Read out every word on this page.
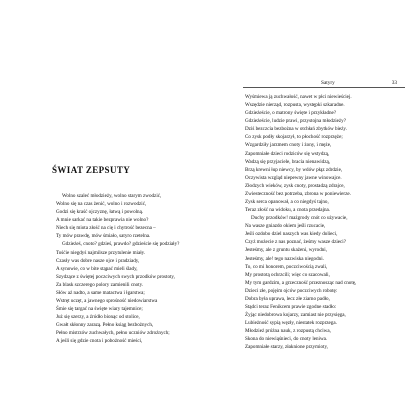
Satyry	33
ŚWIAT ZEPSUTY
Wolno szaleć młodzieży, wolno starym zwodzić,
Wolno się na czas żenić, wolno i rozwodzić,
Godzi się kraść ojczyznę, łatwą i powolną.
A mnie sarkać na takie bezprawia nie wolno?
Niech się miota złość na cię i chytrość bezecna –
Ty mów prawdę, mów śmiało, satyro rzetelna.
Gdzieżeś, cnoto? gdzieś, prawdo? gdzieście się podziały?
Tośćie niegdyś najmilsze przytulenie miały.
Czasły was dobre naszе ojce i pradziady,
A synowie, co w bite stąpać mieli ślady,
Szydzące z świętej poczciwych swych przodków prostoty,
Za blask szczerego polorу zamienili cnoty.
Słów aż nadto, a same matactwa i łgarstwa;
Wstręt uczęt, a jawnego sprośność niedowiarstwa
Śmie się targać na święte wiary tajemnice;
Już się szerzy, a źródło bionąc od stolice,
Gwałt skłonny zarazą. Pełno ksiąg bezbożnych,
Pełno mistrzów zuchwałych, pełno uczniów zdrożnych;
A jeśli się gdzie cnota i pobożność mieści,
Wyśmiewa ją zuchwałość, nawet w płci niewieściej.
Wszędzie nierząd, rozpusta, występki szkaradne.
Gdzieżeście, o matrony święte i przykładne?
Gdzieżeście, ludzie prawi, przystojna młodzieży?
Dziś bezczcia bezbożna w otchłań zbytków bieży.
Co zysk podły skojarzył, to płochość rozprzęże;
Wzgardziły jarzmem cnoty i żony, i męże,
Zapomniałe dzieci rodziców się wstydzą,
Wadzą się przyjaciele, bracia nienawidzą,
Brzą krewni łup niewcy, by wdów płąz zdrdzie,
Oczywista wzgląd niepewny jawne winowajce.
Złodzych wieków, zysk cnoty, prostadzą zdrajce,
Zwiesteczność bez potrzeba, zbrona w poniewierze.
Zysk serca opanował, a co niegdyś tajno,
Teraz złość na widoku, a cnota przedajna.
Duchy przodków! mażgrody cnót co używacie,
Na waszе gniazdo okiem jeśli rzucacie,
Jeśli ozdobo dziel naszych was kiedy dolieci,
Czyż możecie z nas poznać, żeśmy wasze dzieci?
Jesteśmy, ale z gruntu skażeni, wyrodni,
Jesteśmy, ale! tego nazwiska niegodni.
To, co mi honorem, poczciwością zwali,
My prostotą ochrzcili; więc co szacowali,
My tym gardzim, a grzeczność przeznosząc nad cnotę,
Dzieci złe, pojęim ojców poczciwych robotę:
Dobra była uprawa, lecz złe ziarno padło,
Stądci teraz Fenikcem prawie zgodne stadło:
Żyjąc niedobrowa kojarzy, zamiast nie przysięga,
Lubieżność sypią węzły, niestatek rozprzega.
Młodzież próżna nauk, z rozpustą chciwa,
Skona do niewiąśnieci, do cnoty leniwa.
Zapomniałe starzy, złaknione przymioty,
